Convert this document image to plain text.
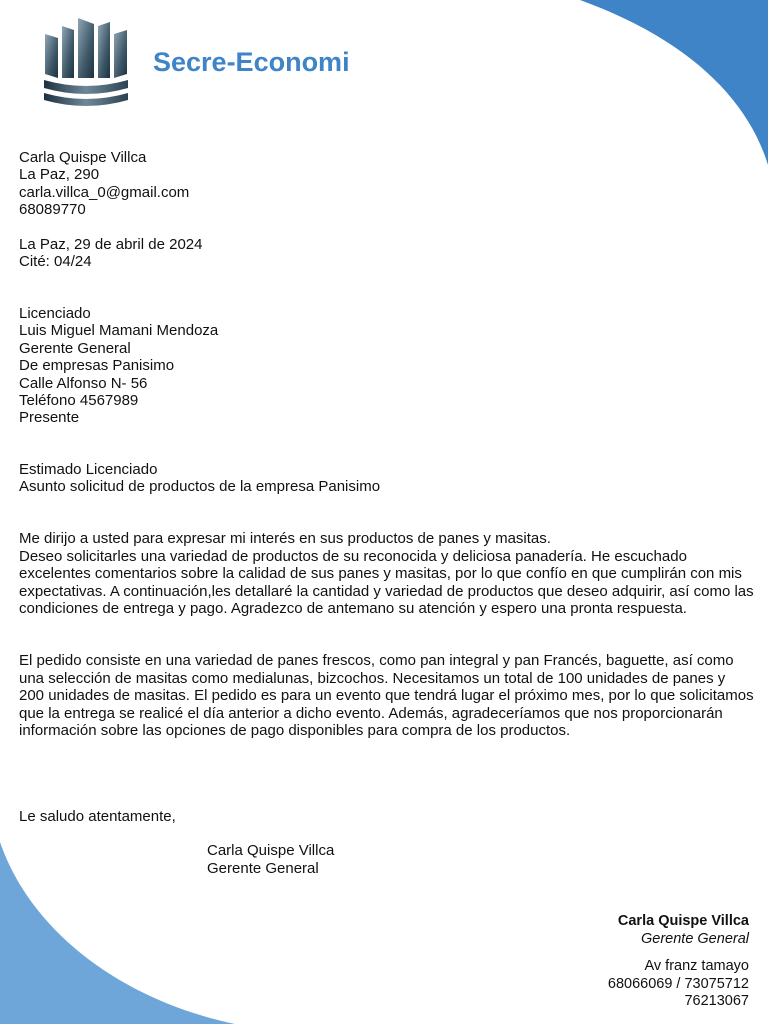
Secre-Economi
Carla Quispe Villca
La Paz, 290
carla.villca_0@gmail.com
68089770
La Paz, 29 de abril de 2024
Cité: 04/24
Licenciado
Luis Miguel Mamani Mendoza
Gerente General
De empresas Panisimo
Calle Alfonso N- 56
Teléfono 4567989
Presente
Estimado Licenciado
Asunto solicitud de productos de la empresa Panisimo
Me dirijo a usted para expresar mi interés en sus productos de panes y masitas.
Deseo solicitarles una variedad de productos de su reconocida y deliciosa panadería. He escuchado excelentes comentarios sobre la calidad de sus panes y masitas, por lo que confío en que cumplirán con mis expectativas. A continuación,les detallaré la cantidad y variedad de productos que deseo adquirir, así como las condiciones de entrega y pago. Agradezco de antemano su atención y espero una pronta respuesta.
El pedido consiste en una variedad de panes frescos, como pan integral y pan Francés, baguette, así como una selección de masitas como medialunas, bizcochos. Necesitamos un total de 100 unidades de panes y 200 unidades de masitas. El pedido es para un evento que tendrá lugar el próximo mes, por lo que solicitamos que la entrega se realicé el día anterior a dicho evento. Además, agradeceríamos que nos proporcionarán información sobre las opciones de pago disponibles para compra de los productos.
Le saludo atentamente,
Carla Quispe Villca
Gerente General
Carla Quispe Villca
Gerente General
Av franz tamayo
68066069 / 73075712
76213067
